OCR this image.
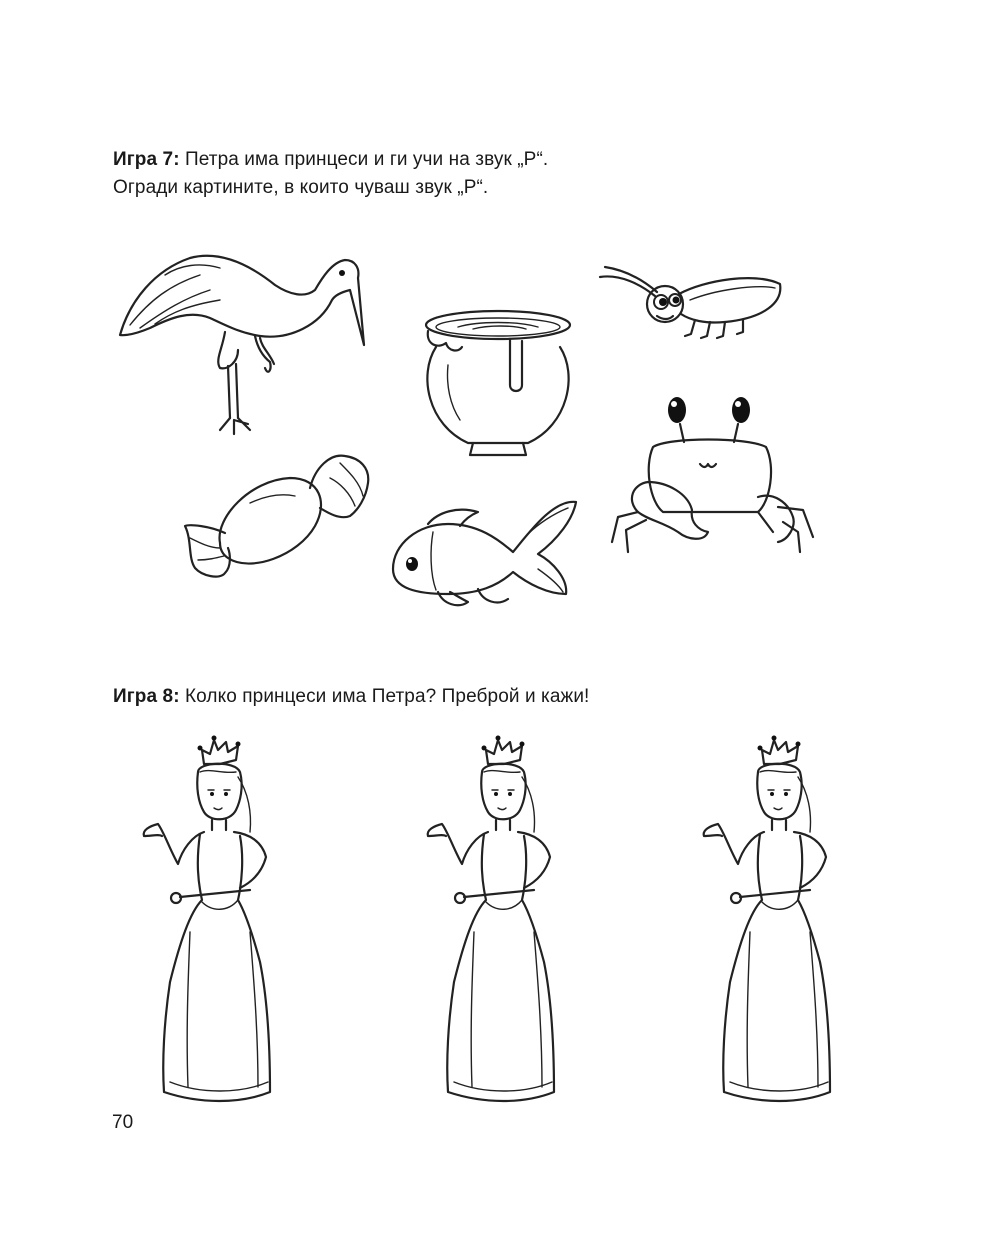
Игра 7: Петра има принцеси и ги учи на звук „Р“.
Огради картините, в които чуваш звук „Р“.
Игра 8: Колко принцеси има Петра? Преброй и кажи!
70
